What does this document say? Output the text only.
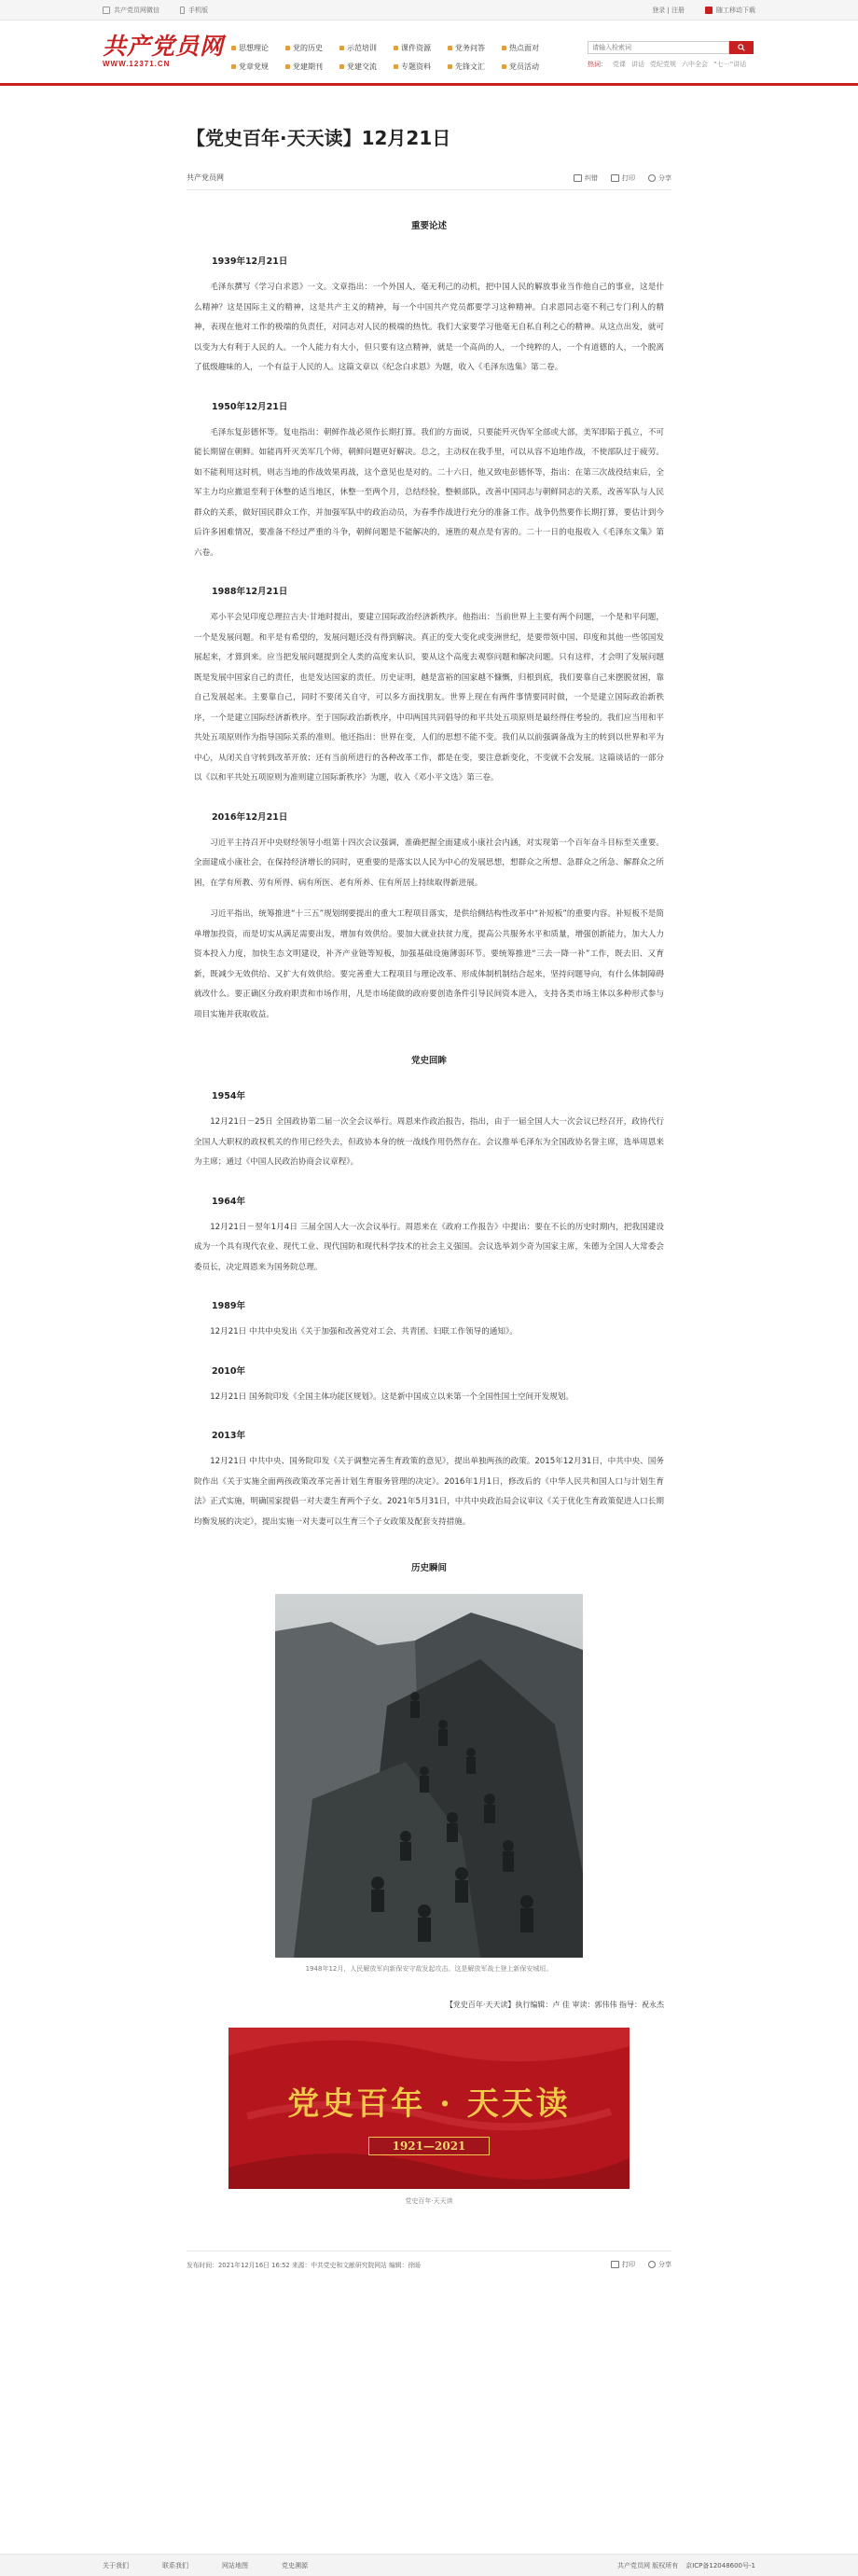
共产党员网微信	手机版	登录 | 注册	随工移动下载
共产党员网
WWW.12371.CN
思想理论	党的历史	示范培训	课件资源	党务问答	热点面对
党章党规	党建期刊	党建交流	专题资料	先锋文汇	党员活动
请输入检索词	热词： 党课 讲话 党纪党规 六中全会 “七一”讲话
【党史百年·天天读】12月21日
共产党员网	纠错	打印	分享
重要论述
1939年12月21日

毛泽东撰写《学习白求恩》一文。文章指出：一个外国人，毫无利己的动机，把中国人民的解放事业当作他自己的事业，这是什么精神？这是国际主义的精神，这是共产主义的精神，每一个中国共产党员都要学习这种精神。白求恩同志毫不利己专门利人的精神，表现在他对工作的极端的负责任，对同志对人民的极端的热忱。我们大家要学习他毫无自私自利之心的精神。从这点出发，就可以变为大有利于人民的人。一个人能力有大小，但只要有这点精神，就是一个高尚的人，一个纯粹的人，一个有道德的人，一个脱离了低级趣味的人，一个有益于人民的人。这篇文章以《纪念白求恩》为题，收入《毛泽东选集》第二卷。

1950年12月21日

毛泽东复彭德怀等。复电指出：朝鲜作战必须作长期打算。我们的方面说，只要能歼灭伪军全部或大部，美军即陷于孤立，不可能长期留在朝鲜。如能再歼灭美军几个师，朝鲜问题更好解决。总之，主动权在我手里，可以从容不迫地作战，不使部队过于疲劳。如不能利用这时机，则志当地的作战效果再战，这个意见也是对的。二十六日，他又致电彭德怀等，指出：在第三次战役结束后，全军主力均应撤退至利于休整的适当地区，休整一至两个月，总结经验，整顿部队，改善中国同志与朝鲜同志的关系，改善军队与人民群众的关系，做好国民群众工作，并加强军队中的政治动员，为春季作战进行充分的准备工作。战争仍然要作长期打算，要估计到今后许多困难情况，要准备不经过严重的斗争，朝鲜问题是不能解决的，速胜的观点是有害的。二十一日的电报收入《毛泽东文集》第六卷。

1988年12月21日

邓小平会见印度总理拉吉夫·甘地时提出，要建立国际政治经济新秩序。他指出：当前世界上主要有两个问题，一个是和平问题，一个是发展问题。和平是有希望的，发展问题还没有得到解决。真正的变大变化或变洲世纪，是要带领中国、印度和其他一些邻国发展起来，才算到来。应当把发展问题提到全人类的高度来认识，要从这个高度去观察问题和解决问题。只有这样，才会明了发展问题既是发展中国家自己的责任，也是发达国家的责任。历史证明，越是富裕的国家越不慷慨，归根到底，我们要靠自己来摆脱贫困，靠自己发展起来。主要靠自己，同时不要闭关自守，可以多方面找朋友。世界上现在有两件事情要同时做，一个是建立国际政治新秩序，一个是建立国际经济新秩序。至于国际政治新秩序，中印两国共同倡导的和平共处五项原则是最经得住考验的。我们应当用和平共处五项原则作为指导国际关系的准则。他还指出：世界在变，人们的思想不能不变。我们从以前强调备战为主的转到以世界和平为中心，从闭关自守转到改革开放；还有当前所进行的各种改革工作，都是在变，要注意新变化，不变就不会发展。这篇谈话的一部分以《以和平共处五项原则为准则建立国际新秩序》为题，收入《邓小平文选》第三卷。

2016年12月21日

习近平主持召开中央财经领导小组第十四次会议强调，准确把握全面建成小康社会内涵，对实现第一个百年奋斗目标至关重要。全面建成小康社会，在保持经济增长的同时，更重要的是落实以人民为中心的发展思想，想群众之所想、急群众之所急、解群众之所困，在学有所教、劳有所得、病有所医、老有所养、住有所居上持续取得新进展。

习近平指出，统筹推进“十三五”规划纲要提出的重大工程项目落实，是供给侧结构性改革中“补短板”的重要内容。补短板不是简单增加投资，而是切实从满足需要出发，增加有效供给。要加大就业扶贫力度，提高公共服务水平和质量，增强创新能力，加大人力资本投入力度，加快生态文明建设，补齐产业链等短板，加强基础设施薄弱环节。要统筹推进“三去一降一补”工作，既去旧、又育新，既减少无效供给、又扩大有效供给。要完善重大工程项目与理论改革、形成体制机制结合起来，坚持问题导向，有什么体制障碍就改什么。要正确区分政府职责和市场作用，凡是市场能做的政府要创造条件引导民间资本进入，支持各类市场主体以多种形式参与项目实施并获取收益。

党史回眸
1954年

12月21日－25日 全国政协第二届一次全会议举行。周恩来作政治报告，指出，由于一届全国人大一次会议已经召开，政协代行全国人大职权的政权机关的作用已经失去，但政协本身的统一战线作用仍然存在。会议推举毛泽东为全国政协名誉主席，选举周恩来为主席；通过《中国人民政治协商会议章程》。

1964年

12月21日－翌年1月4日 三届全国人大一次会议举行。周恩来在《政府工作报告》中提出：要在不长的历史时期内，把我国建设成为一个具有现代农业、现代工业、现代国防和现代科学技术的社会主义强国。会议选举刘少奇为国家主席，朱德为全国人大常委会委员长，决定周恩来为国务院总理。

1989年

12月21日 中共中央发出《关于加强和改善党对工会、共青团、妇联工作领导的通知》。

2010年

12月21日 国务院印发《全国主体功能区规划》。这是新中国成立以来第一个全国性国土空间开发规划。

2013年

12月21日 中共中央、国务院印发《关于调整完善生育政策的意见》，提出单独两孩的政策。2015年12月31日，中共中央、国务院作出《关于实施全面两孩政策改革完善计划生育服务管理的决定》。2016年1月1日，修改后的《中华人民共和国人口与计划生育法》正式实施，明确国家提倡一对夫妻生育两个子女。2021年5月31日，中共中央政治局会议审议《关于优化生育政策促进人口长期均衡发展的决定》，提出实施一对夫妻可以生育三个子女政策及配套支持措施。

历史瞬间
1948年12月，人民解放军向新保安守敌发起攻击。这是解放军战士登上新保安城垣。
【党史百年·天天读】执行编辑：卢 佳 审读：郭伟伟 指导：祝永杰
党史百年 · 天天读
1921—2021
党史百年·天天读
发布时间：2021年12月16日 16:52 来源：中共党史和文献研究院网站 编辑：徐旸	打印	分享
关于我们	联系我们	网站地图	党史溯源	共产党员网 版权所有 京ICP备12048600号-1
